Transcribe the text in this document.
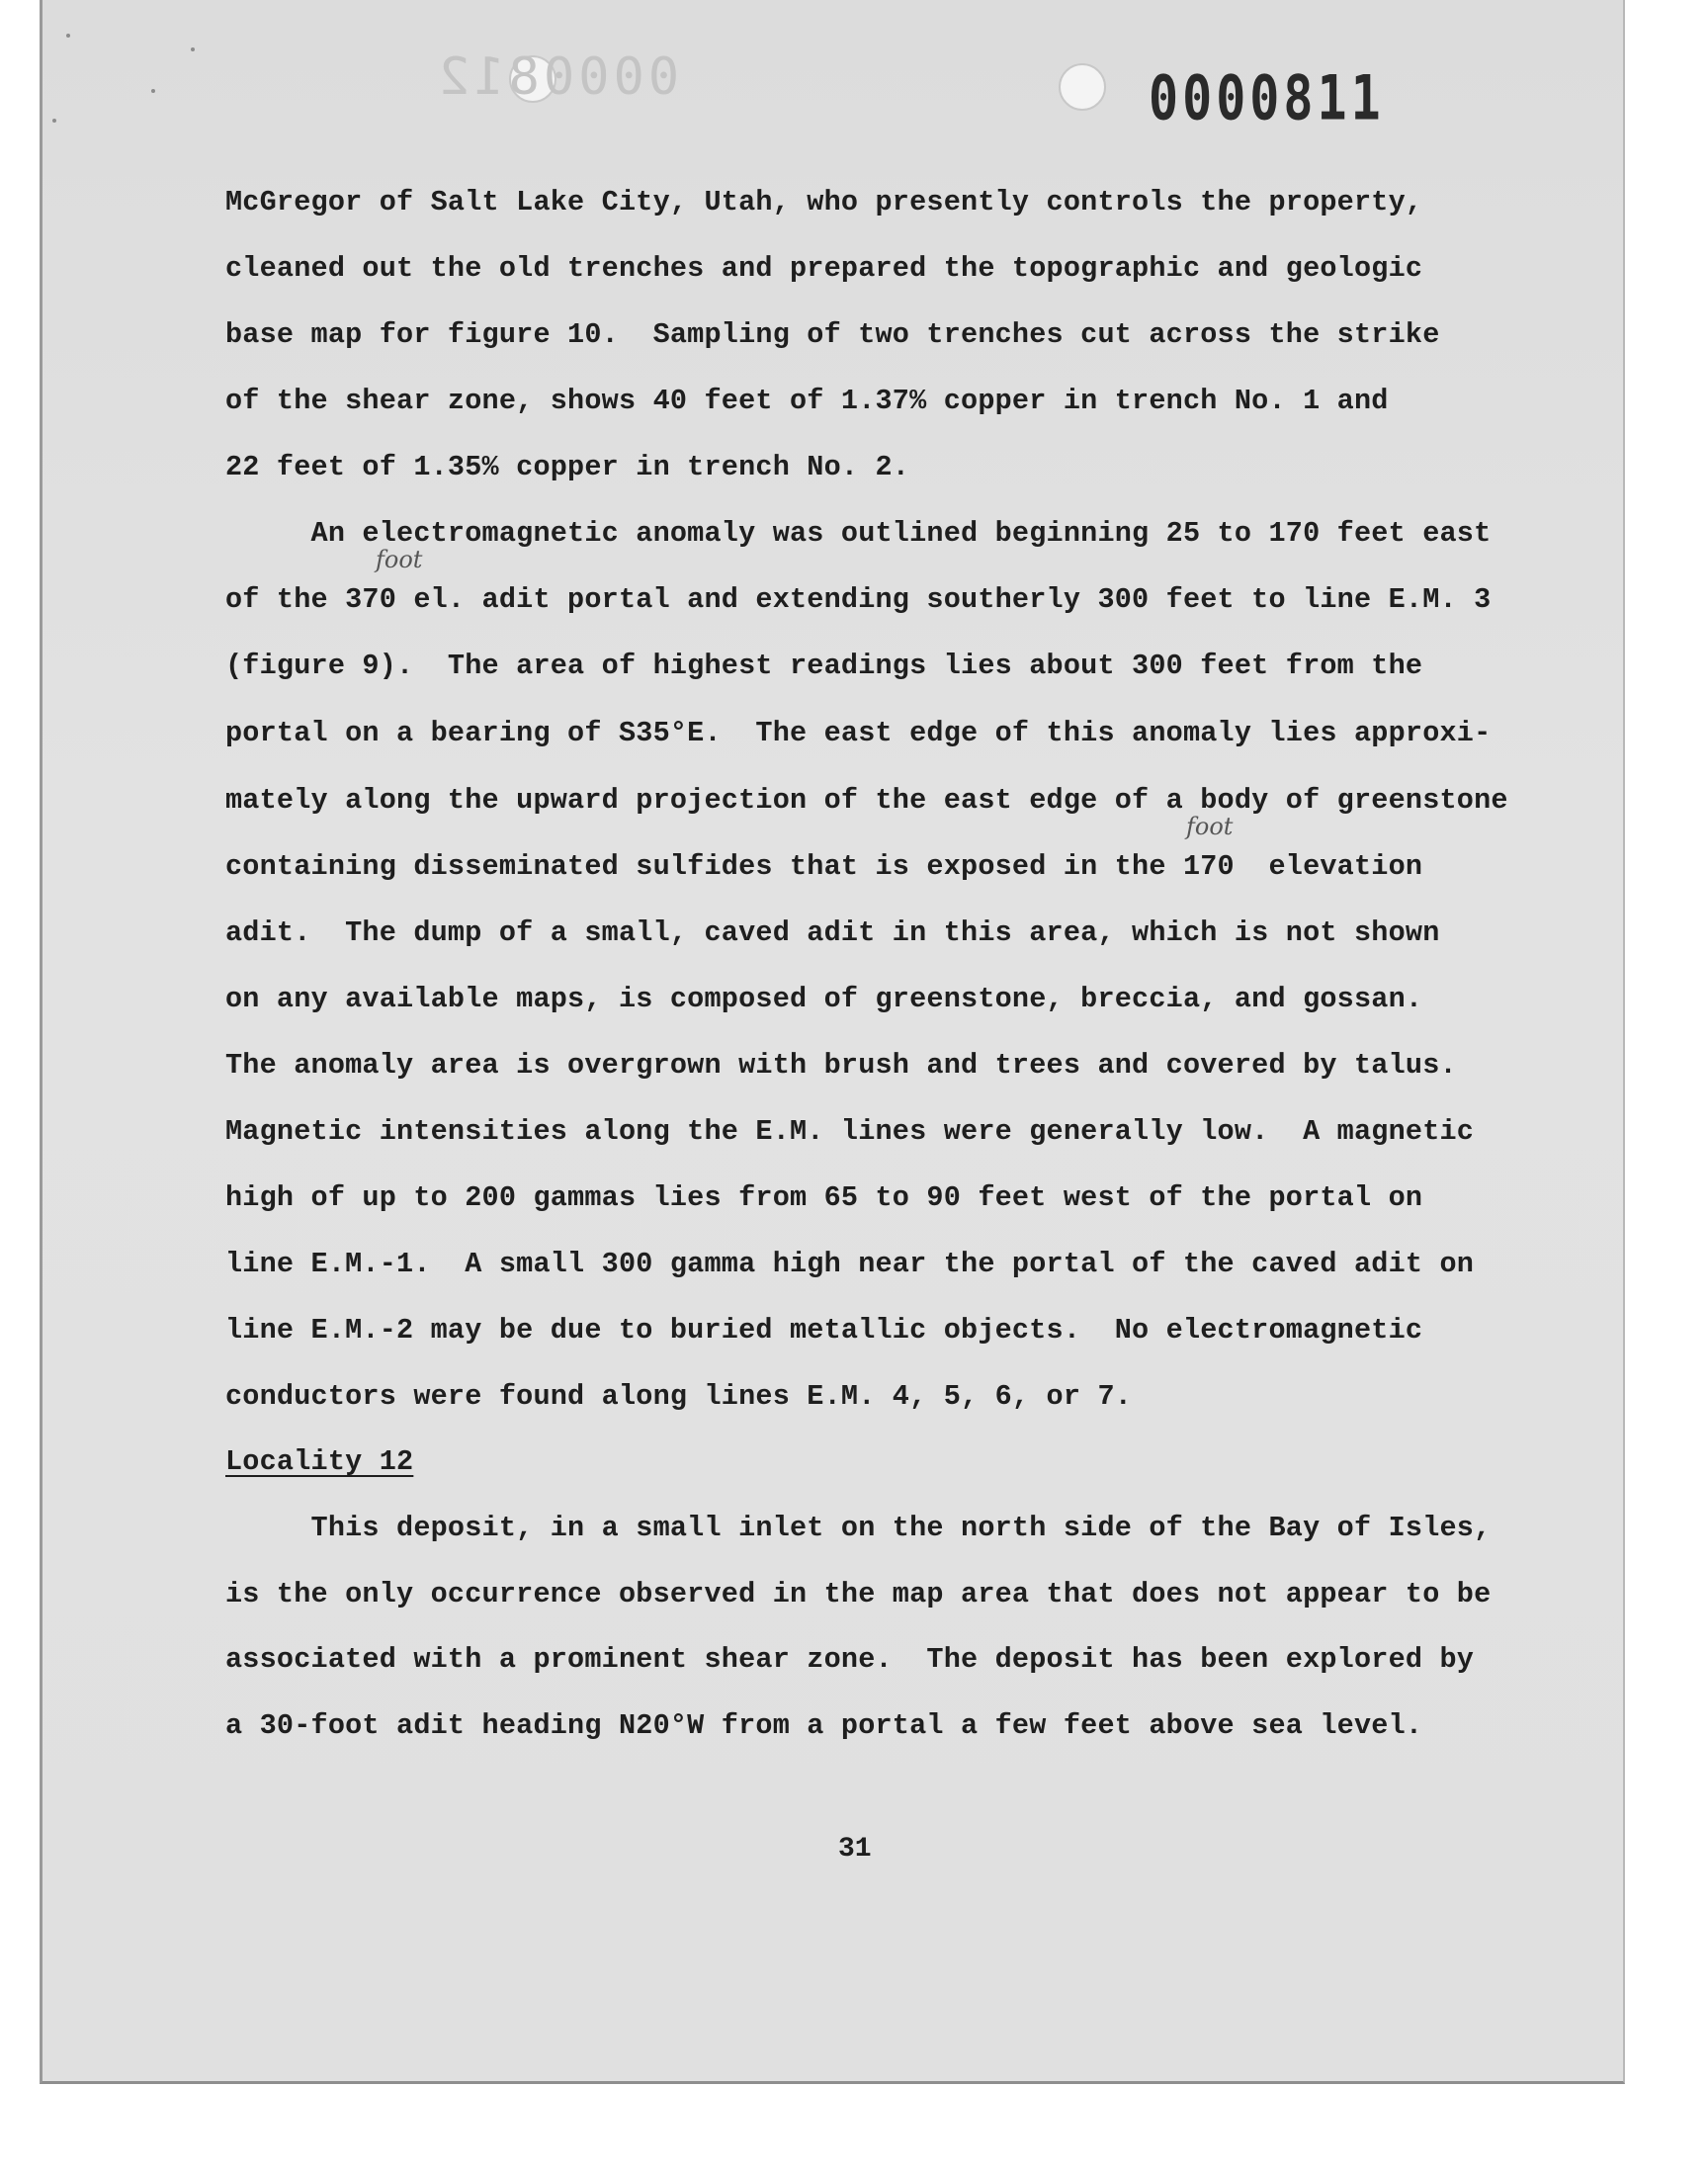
0000812	0000811
McGregor of Salt Lake City, Utah, who presently controls the property,
cleaned out the old trenches and prepared the topographic and geologic
base map for figure 10.  Sampling of two trenches cut across the strike
of the shear zone, shows 40 feet of 1.37% copper in trench No. 1 and
22 feet of 1.35% copper in trench No. 2.
An electromagnetic anomaly was outlined beginning 25 to 170 feet east
of the 370 el. adit portal and extending southerly 300 feet to line E.M. 3
(figure 9).  The area of highest readings lies about 300 feet from the
portal on a bearing of S35°E.  The east edge of this anomaly lies approxi-
mately along the upward projection of the east edge of a body of greenstone
containing disseminated sulfides that is exposed in the 170  elevation
adit.  The dump of a small, caved adit in this area, which is not shown
on any available maps, is composed of greenstone, breccia, and gossan.
The anomaly area is overgrown with brush and trees and covered by talus.
Magnetic intensities along the E.M. lines were generally low.  A magnetic
high of up to 200 gammas lies from 65 to 90 feet west of the portal on
line E.M.-1.  A small 300 gamma high near the portal of the caved adit on
line E.M.-2 may be due to buried metallic objects.  No electromagnetic
conductors were found along lines E.M. 4, 5, 6, or 7.
Locality 12
This deposit, in a small inlet on the north side of the Bay of Isles,
is the only occurrence observed in the map area that does not appear to be
associated with a prominent shear zone.  The deposit has been explored by
a 30-foot adit heading N20°W from a portal a few feet above sea level.
foot
foot
31
